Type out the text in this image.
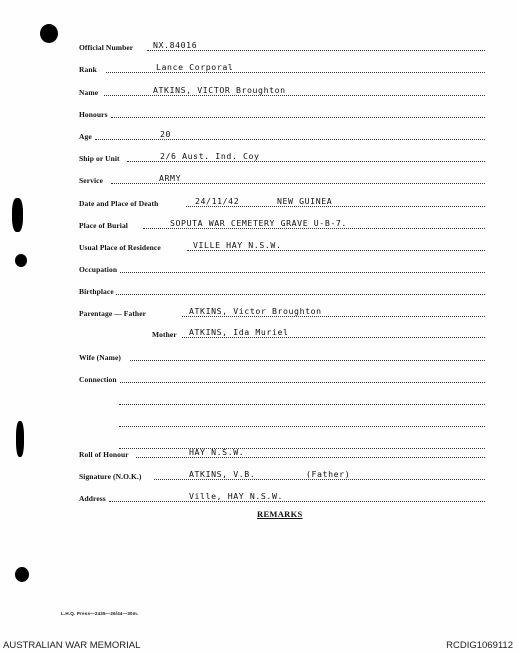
Official Number NX.84016
Rank	Lance Corporal
Name	ATKINS, VICTOR Broughton
Honours
Age	20
Ship or Unit	2/6 Aust. Ind. Coy
Service	ARMY
Date and Place of Death	24/11/42	NEW GUINEA
Place of Burial	SOPUTA WAR CEMETERY GRAVE U-B-7.
Usual Place of Residence	VILLE HAY N.S.W.
Occupation
Birthplace
Parentage — Father	ATKINS, Victor Broughton
Mother ATKINS, Ida Muriel
Wife (Name)
Connection
Roll of Honour	HAY N.S.W.
Signature (N.O.K.)	ATKINS, V.B.	(Father)
Address	Ville, HAY N.S.W.
REMARKS
L.H.Q. Press—2435—26/44—30m.
AUSTRALIAN WAR MEMORIAL	RCDIG1069112
